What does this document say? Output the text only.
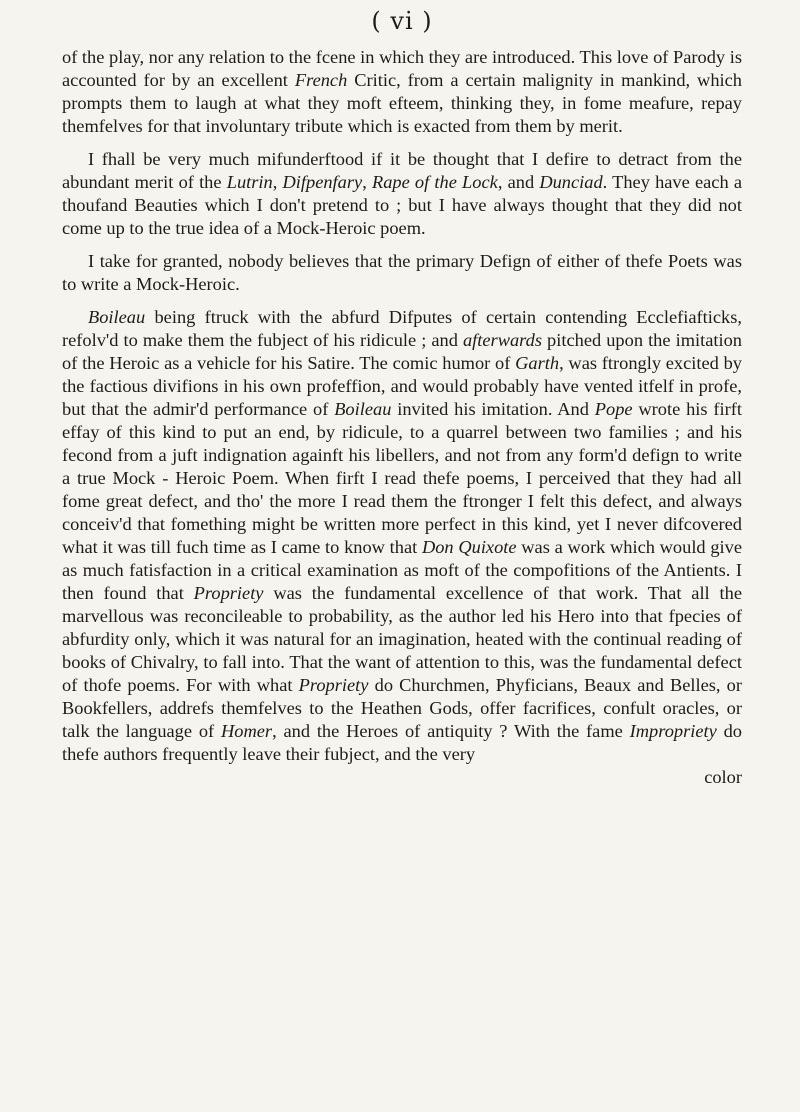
( vi )

of the play, nor any relation to the fcene in which they are introduced. This love of Parody is accounted for by an excellent French Critic, from a certain malignity in mankind, which prompts them to laugh at what they moft efteem, thinking they, in fome meafure, repay themfelves for that involuntary tribute which is exacted from them by merit.

I fhall be very much mifunderftood if it be thought that I defire to detract from the abundant merit of the Lutrin, Difpenfary, Rape of the Lock, and Dunciad. They have each a thoufand Beauties which I don't pretend to ; but I have always thought that they did not come up to the true idea of a Mock-Heroic poem.

I take for granted, nobody believes that the primary Defign of either of thefe Poets was to write a Mock-Heroic.

Boileau being ftruck with the abfurd Difputes of certain contending Ecclefiafticks, refolv'd to make them the fubject of his ridicule ; and afterwards pitched upon the imitation of the Heroic as a vehicle for his Satire. The comic humor of Garth, was ftrongly excited by the factious divifions in his own profeffion, and would probably have vented itfelf in profe, but that the admir'd performance of Boileau invited his imitation. And Pope wrote his firft effay of this kind to put an end, by ridicule, to a quarrel between two families ; and his fecond from a juft indignation againft his libellers, and not from any form'd defign to write a true Mock - Heroic Poem. When firft I read thefe poems, I perceived that they had all fome great defect, and tho' the more I read them the ftronger I felt this defect, and always conceiv'd that fomething might be written more perfect in this kind, yet I never difcovered what it was till fuch time as I came to know that Don Quixote was a work which would give as much fatisfaction in a critical examination as moft of the compofitions of the Antients. I then found that Propriety was the fundamental excellence of that work. That all the marvellous was reconcileable to probability, as the author led his Hero into that fpecies of abfurdity only, which it was natural for an imagination, heated with the continual reading of books of Chivalry, to fall into. That the want of attention to this, was the fundamental defect of thofe poems. For with what Propriety do Churchmen, Phyficians, Beaux and Belles, or Bookfellers, addrefs themfelves to the Heathen Gods, offer facrifices, confult oracles, or talk the language of Homer, and the Heroes of antiquity ? With the fame Impropriety do thefe authors frequently leave their fubject, and the very

color
